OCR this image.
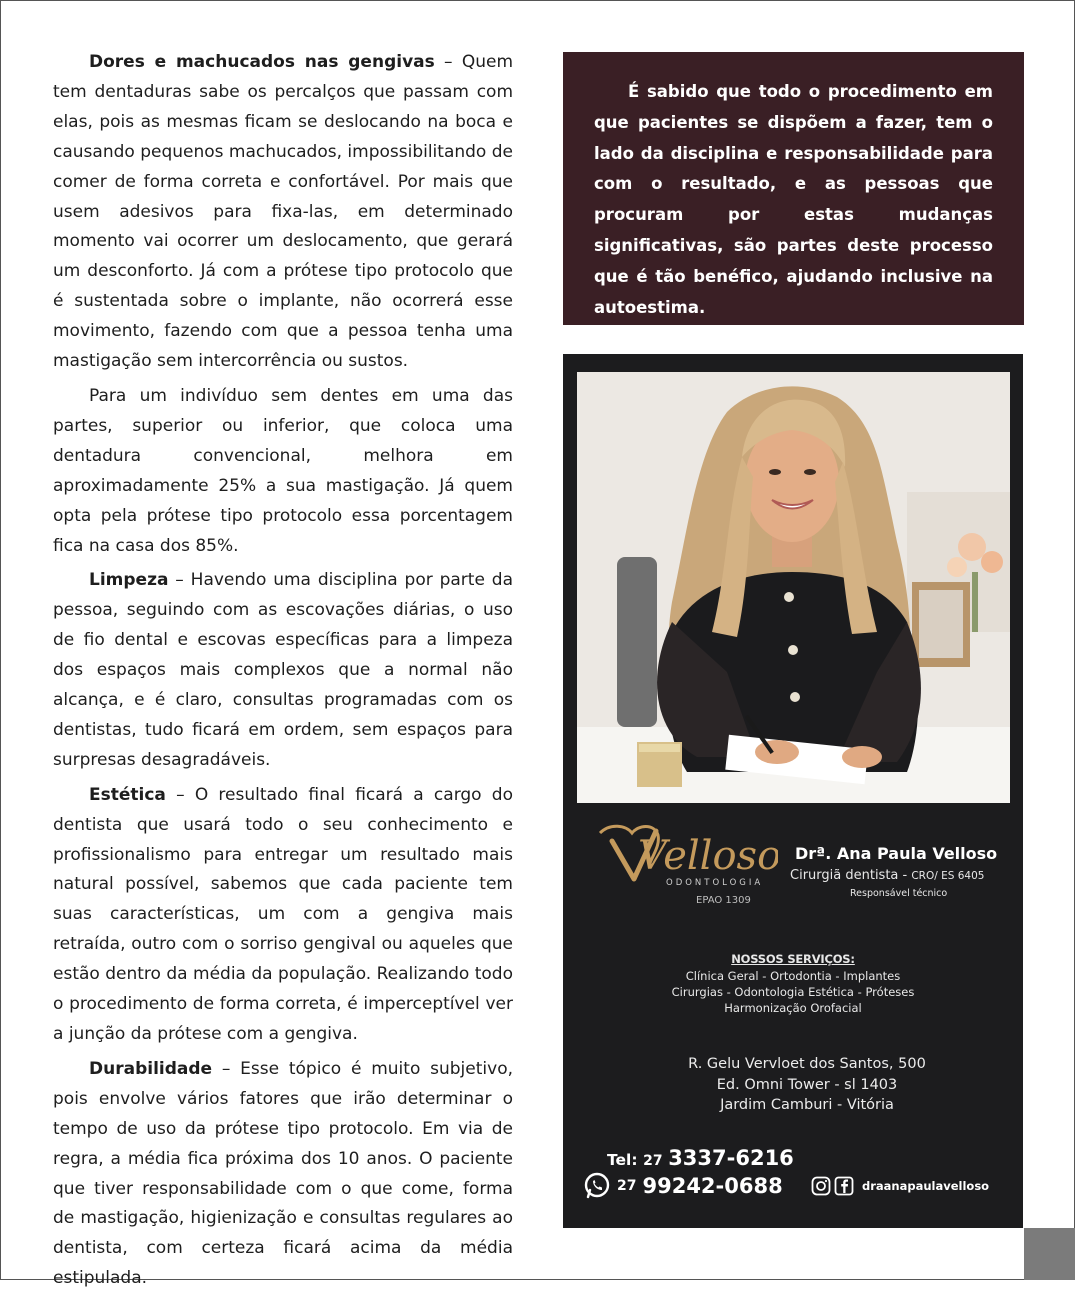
Dores e machucados nas gengivas – Quem tem dentaduras sabe os percalços que passam com elas, pois as mesmas ficam se deslocando na boca e causando pequenos machucados, impossibilitando de comer de forma correta e confortável. Por mais que usem adesivos para fixa-las, em determinado momento vai ocorrer um deslocamento, que gerará um desconforto. Já com a prótese tipo protocolo que é sustentada sobre o implante, não ocorrerá esse movimento, fazendo com que a pessoa tenha uma mastigação sem intercorrência ou sustos.

Para um indivíduo sem dentes em uma das partes, superior ou inferior, que coloca uma dentadura convencional, melhora em aproximadamente 25% a sua mastigação. Já quem opta pela prótese tipo protocolo essa porcentagem fica na casa dos 85%.

Limpeza – Havendo uma disciplina por parte da pessoa, seguindo com as escovações diárias, o uso de fio dental e escovas específicas para a limpeza dos espaços mais complexos que a normal não alcança, e é claro, consultas programadas com os dentistas, tudo ficará em ordem, sem espaços para surpresas desagradáveis.

Estética – O resultado final ficará a cargo do dentista que usará todo o seu conhecimento e profissionalismo para entregar um resultado mais natural possível, sabemos que cada paciente tem suas características, um com a gengiva mais retraída, outro com o sorriso gengival ou aqueles que estão dentro da média da população. Realizando todo o procedimento de forma correta, é imperceptível ver a junção da prótese com a gengiva.

Durabilidade – Esse tópico é muito subjetivo, pois envolve vários fatores que irão determinar o tempo de uso da prótese tipo protocolo. Em via de regra, a média fica próxima dos 10 anos. O paciente que tiver responsabilidade com o que come, forma de mastigação, higienização e consultas regulares ao dentista, com certeza ficará acima da média estipulada.

É sabido que todo o procedimento em que pacientes se dispõem a fazer, tem o lado da disciplina e responsabilidade para com o resultado, e as pessoas que procuram por estas mudanças significativas, são partes deste processo que é tão benéfico, ajudando inclusive na autoestima.

Velloso
ODONTOLOGIA
EPAO 1309
Drª. Ana Paula Velloso
Cirurgiã dentista - CRO/ ES 6405
Responsável técnico
NOSSOS SERVIÇOS:
Clínica Geral - Ortodontia - Implantes
Cirurgias - Odontologia Estética - Próteses
Harmonização Orofacial
R. Gelu Vervloet dos Santos, 500
Ed. Omni Tower - sl 1403
Jardim Camburi - Vitória
Tel: 27 3337-6216
27 99242-0688	draanapaulavelloso
